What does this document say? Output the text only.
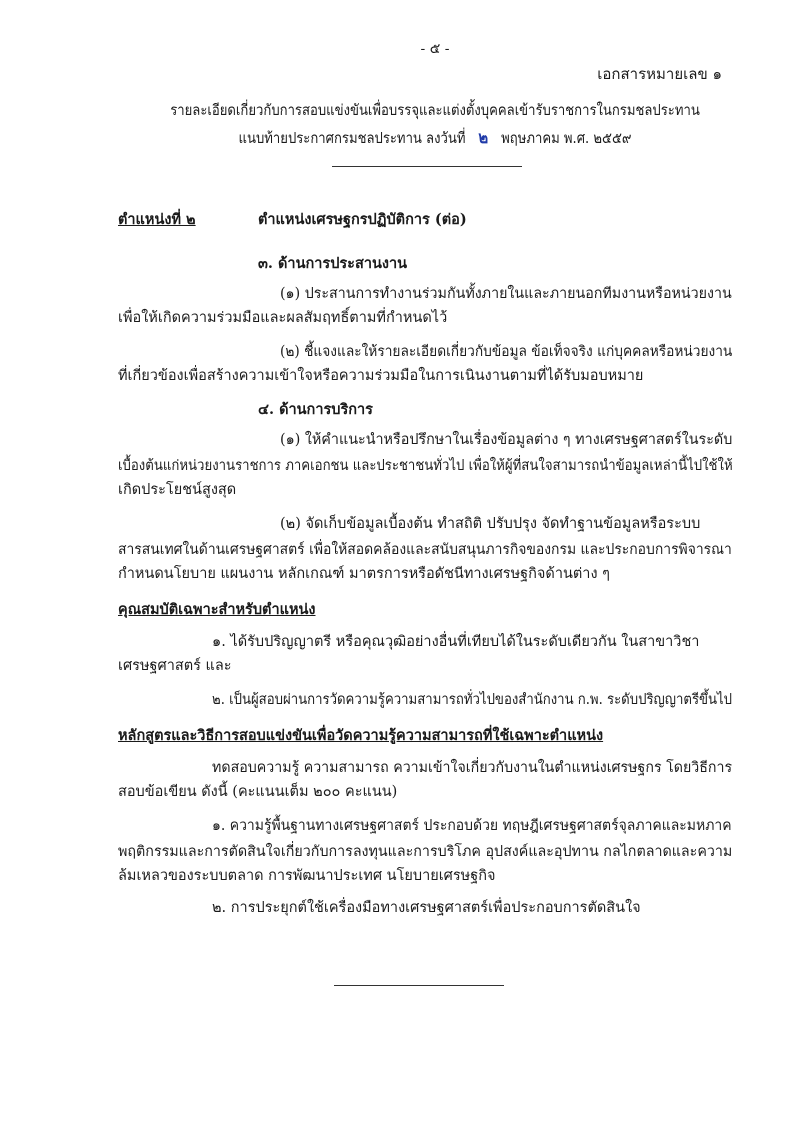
- ๕ -
เอกสารหมายเลข ๑
รายละเอียดเกี่ยวกับการสอบแข่งขันเพื่อบรรจุและแต่งตั้งบุคคลเข้ารับราชการในกรมชลประทาน
แนบท้ายประกาศกรมชลประทาน ลงวันที่ ๒ พฤษภาคม พ.ศ. ๒๕๕๙
ตำแหน่งที่ ๒	ตำแหน่งเศรษฐกรปฏิบัติการ (ต่อ)
๓. ด้านการประสานงาน
(๑) ประสานการทำงานร่วมกันทั้งภายในและภายนอกทีมงานหรือหน่วยงาน
เพื่อให้เกิดความร่วมมือและผลสัมฤทธิ์ตามที่กำหนดไว้
(๒) ชี้แจงและให้รายละเอียดเกี่ยวกับข้อมูล ข้อเท็จจริง แก่บุคคลหรือหน่วยงาน
ที่เกี่ยวข้องเพื่อสร้างความเข้าใจหรือความร่วมมือในการเนินงานตามที่ได้รับมอบหมาย
๔. ด้านการบริการ
(๑) ให้คำแนะนำหรือปรึกษาในเรื่องข้อมูลต่าง ๆ ทางเศรษฐศาสตร์ในระดับ
เบื้องต้นแก่หน่วยงานราชการ ภาคเอกชน และประชาชนทั่วไป เพื่อให้ผู้ที่สนใจสามารถนำข้อมูลเหล่านี้ไปใช้ให้
เกิดประโยชน์สูงสุด
(๒) จัดเก็บข้อมูลเบื้องต้น ทำสถิติ ปรับปรุง จัดทำฐานข้อมูลหรือระบบ
สารสนเทศในด้านเศรษฐศาสตร์ เพื่อให้สอดคล้องและสนับสนุนภารกิจของกรม และประกอบการพิจารณา
กำหนดนโยบาย แผนงาน หลักเกณฑ์ มาตรการหรือดัชนีทางเศรษฐกิจด้านต่าง ๆ
คุณสมบัติเฉพาะสำหรับตำแหน่ง
๑. ได้รับปริญญาตรี หรือคุณวุฒิอย่างอื่นที่เทียบได้ในระดับเดียวกัน ในสาขาวิชา
เศรษฐศาสตร์ และ
๒. เป็นผู้สอบผ่านการวัดความรู้ความสามารถทั่วไปของสำนักงาน ก.พ. ระดับปริญญาตรีขึ้นไป
หลักสูตรและวิธีการสอบแข่งขันเพื่อวัดความรู้ความสามารถที่ใช้เฉพาะตำแหน่ง
ทดสอบความรู้ ความสามารถ ความเข้าใจเกี่ยวกับงานในตำแหน่งเศรษฐกร โดยวิธีการ
สอบข้อเขียน ดังนี้ (คะแนนเต็ม ๒๐๐ คะแนน)
๑. ความรู้พื้นฐานทางเศรษฐศาสตร์ ประกอบด้วย ทฤษฎีเศรษฐศาสตร์จุลภาคและมหภาค
พฤติกรรมและการตัดสินใจเกี่ยวกับการลงทุนและการบริโภค อุปสงค์และอุปทาน กลไกตลาดและความ
ล้มเหลวของระบบตลาด การพัฒนาประเทศ นโยบายเศรษฐกิจ
๒. การประยุกต์ใช้เครื่องมือทางเศรษฐศาสตร์เพื่อประกอบการตัดสินใจ
